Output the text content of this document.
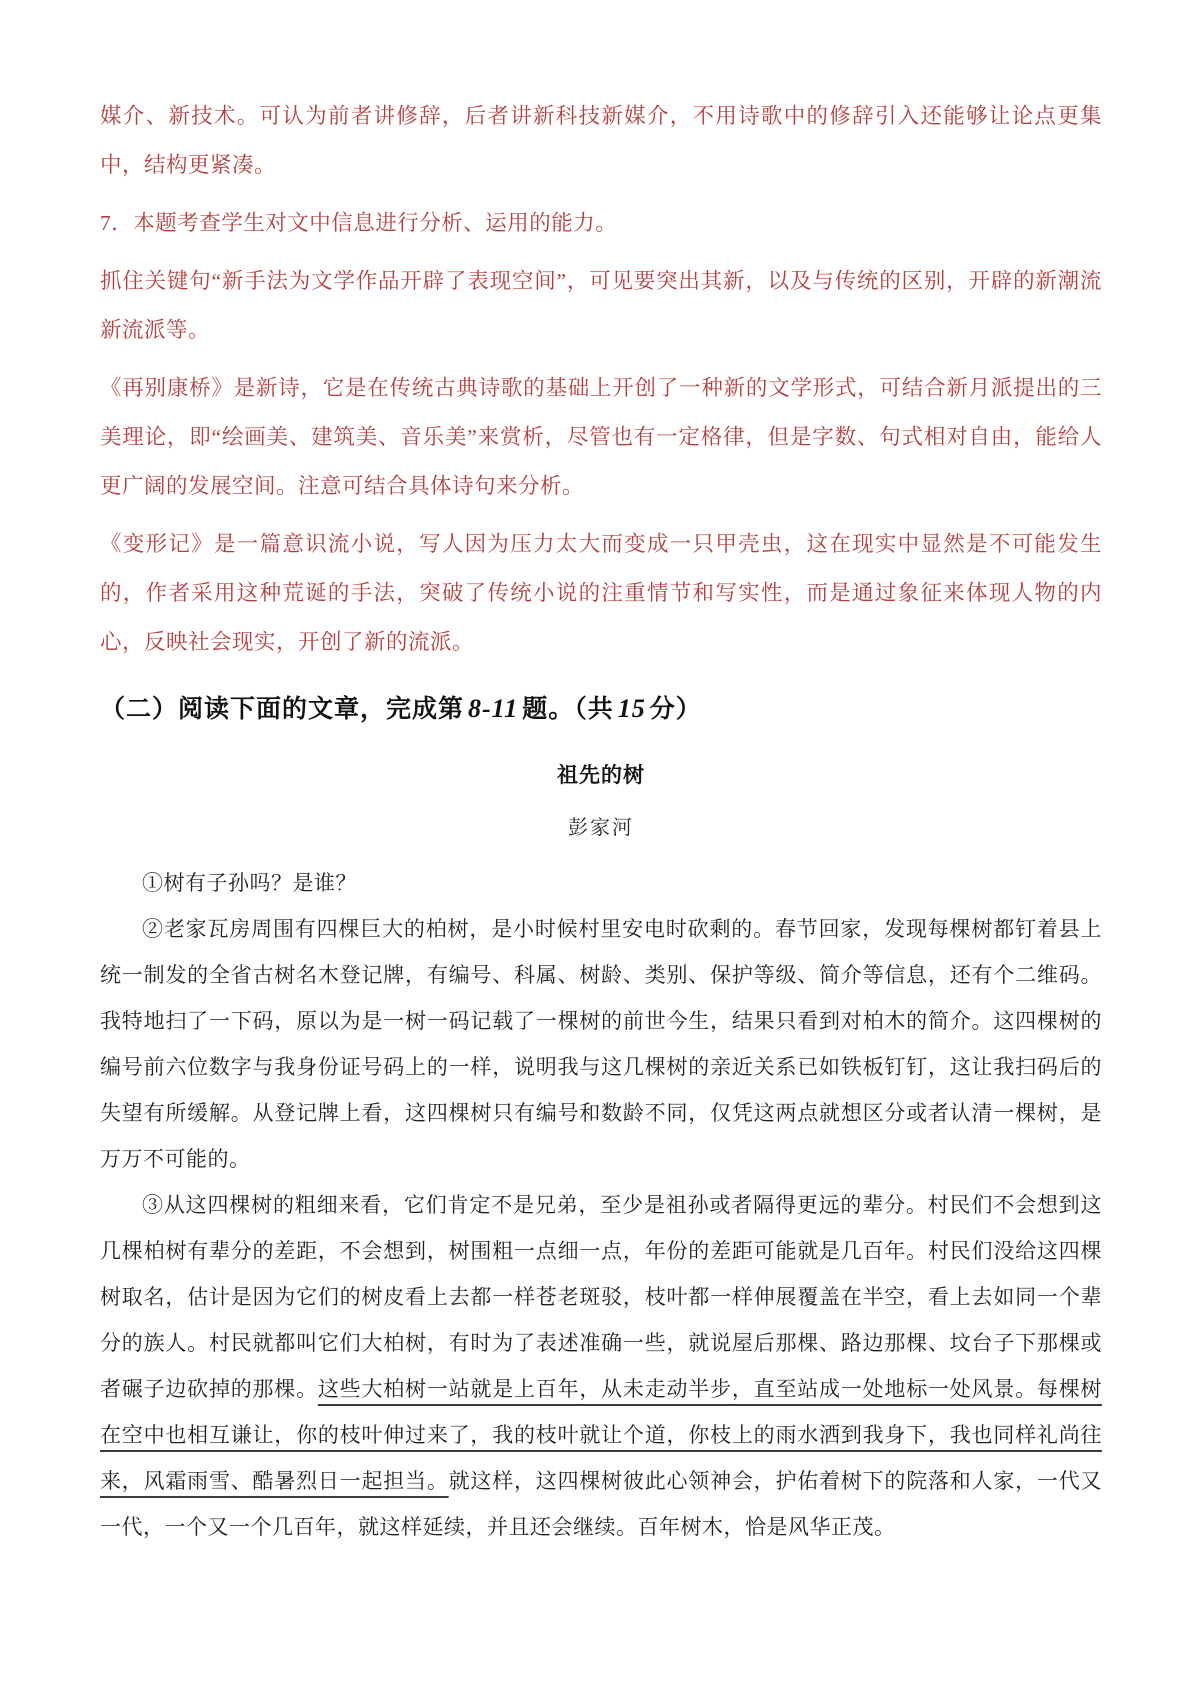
媒介、新技术。可认为前者讲修辞，后者讲新科技新媒介，不用诗歌中的修辞引入还能够让论点更集中，结构更紧凑。

7．本题考查学生对文中信息进行分析、运用的能力。

抓住关键句“新手法为文学作品开辟了表现空间”，可见要突出其新，以及与传统的区别，开辟的新潮流新流派等。

《再别康桥》是新诗，它是在传统古典诗歌的基础上开创了一种新的文学形式，可结合新月派提出的三美理论，即“绘画美、建筑美、音乐美”来赏析，尽管也有一定格律，但是字数、句式相对自由，能给人更广阔的发展空间。注意可结合具体诗句来分析。

《变形记》是一篇意识流小说，写人因为压力太大而变成一只甲壳虫，这在现实中显然是不可能发生的，作者采用这种荒诞的手法，突破了传统小说的注重情节和写实性，而是通过象征来体现人物的内心，反映社会现实，开创了新的流派。

（二）阅读下面的文章，完成第 8-11 题。（共 15 分）
祖先的树
彭家河

①树有子孙吗？是谁？

②老家瓦房周围有四棵巨大的柏树，是小时候村里安电时砍剩的。春节回家，发现每棵树都钉着县上统一制发的全省古树名木登记牌，有编号、科属、树龄、类别、保护等级、简介等信息，还有个二维码。我特地扫了一下码，原以为是一树一码记载了一棵树的前世今生，结果只看到对柏木的简介。这四棵树的编号前六位数字与我身份证号码上的一样，说明我与这几棵树的亲近关系已如铁板钉钉，这让我扫码后的失望有所缓解。从登记牌上看，这四棵树只有编号和数龄不同，仅凭这两点就想区分或者认清一棵树，是万万不可能的。

③从这四棵树的粗细来看，它们肯定不是兄弟，至少是祖孙或者隔得更远的辈分。村民们不会想到这几棵柏树有辈分的差距，不会想到，树围粗一点细一点，年份的差距可能就是几百年。村民们没给这四棵树取名，估计是因为它们的树皮看上去都一样苍老斑驳，枝叶都一样伸展覆盖在半空，看上去如同一个辈分的族人。村民就都叫它们大柏树，有时为了表述准确一些，就说屋后那棵、路边那棵、坟台子下那棵或者碾子边砍掉的那棵。这些大柏树一站就是上百年，从未走动半步，直至站成一处地标一处风景。每棵树在空中也相互谦让，你的枝叶伸过来了，我的枝叶就让个道，你枝上的雨水洒到我身下，我也同样礼尚往来，风霜雨雪、酷暑烈日一起担当。就这样，这四棵树彼此心领神会，护佑着树下的院落和人家，一代又一代，一个又一个几百年，就这样延续，并且还会继续。百年树木，恰是风华正茂。
